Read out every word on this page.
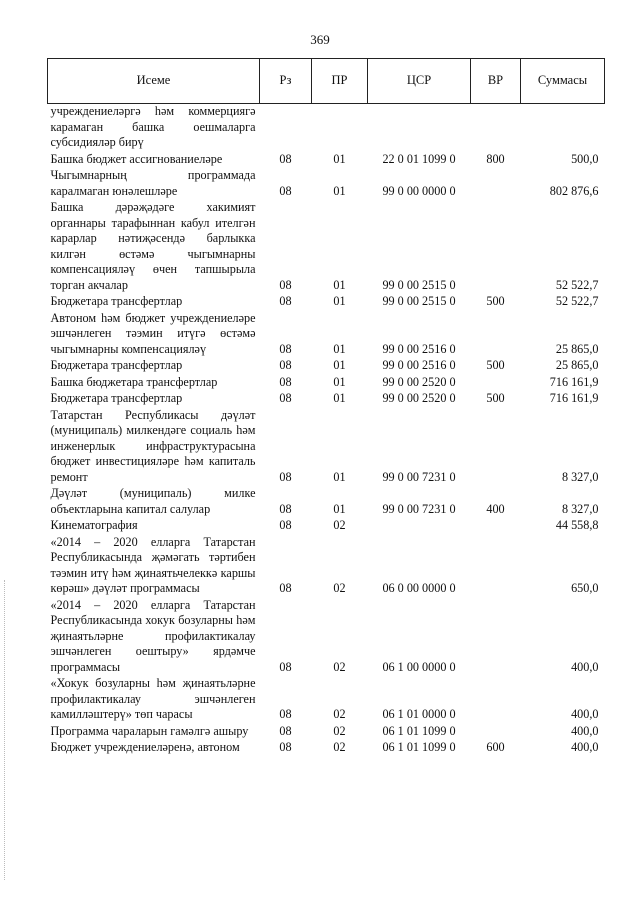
369
Исеме	Рз	ПР	ЦСР	ВР	Суммасы
учреждениеләргә һәм коммерциягә карамаган башка оешмаларга субсидияләр бирү					
Башка бюджет ассигнованиеләре	08	01	22 0 01 1099 0	800	500,0
Чыгымнарның программада каралмаган юнәлешләре	08	01	99 0 00 0000 0		802 876,6
Башка дәрәҗәдәге хакимият органнары тарафыннан кабул ителгән карарлар нәтиҗәсендә барлыкка килгән өстәмә чыгымнарны компенсацияләү өчен тапшырыла торган акчалар	08	01	99 0 00 2515 0		52 522,7
Бюджетара трансфертлар	08	01	99 0 00 2515 0	500	52 522,7
Автоном һәм бюджет учреждениеләре эшчәнлеген тәэмин итүгә өстәмә чыгымнарны компенсацияләү	08	01	99 0 00 2516 0		25 865,0
Бюджетара трансфертлар	08	01	99 0 00 2516 0	500	25 865,0
Башка бюджетара трансфертлар	08	01	99 0 00 2520 0		716 161,9
Бюджетара трансфертлар	08	01	99 0 00 2520 0	500	716 161,9
Татарстан Республикасы дәүләт (муниципаль) милкендәге социаль һәм инженерлык инфраструктурасына бюджет инвестицияләре һәм капиталь ремонт	08	01	99 0 00 7231 0		8 327,0
Дәүләт (муниципаль) милке объектларына капитал салулар	08	01	99 0 00 7231 0	400	8 327,0
Кинематография	08	02			44 558,8
«2014 – 2020 елларга Татарстан Республикасында җәмәгать тәртибен тәэмин итү һәм җинаятьчелеккә каршы көрәш» дәүләт программасы	08	02	06 0 00 0000 0		650,0
«2014 – 2020 елларга Татарстан Республикасында хокук бозуларны һәм җинаятьләрне профилактикалау эшчәнлеген оештыру» ярдәмче программасы	08	02	06 1 00 0000 0		400,0
«Хокук бозуларны һәм җинаятьләрне профилактикалау эшчәнлеген камилләштерү» төп чарасы	08	02	06 1 01 0000 0		400,0
Программа чараларын гамәлгә ашыру	08	02	06 1 01 1099 0		400,0
Бюджет учреждениеләренә, автоном	08	02	06 1 01 1099 0	600	400,0
